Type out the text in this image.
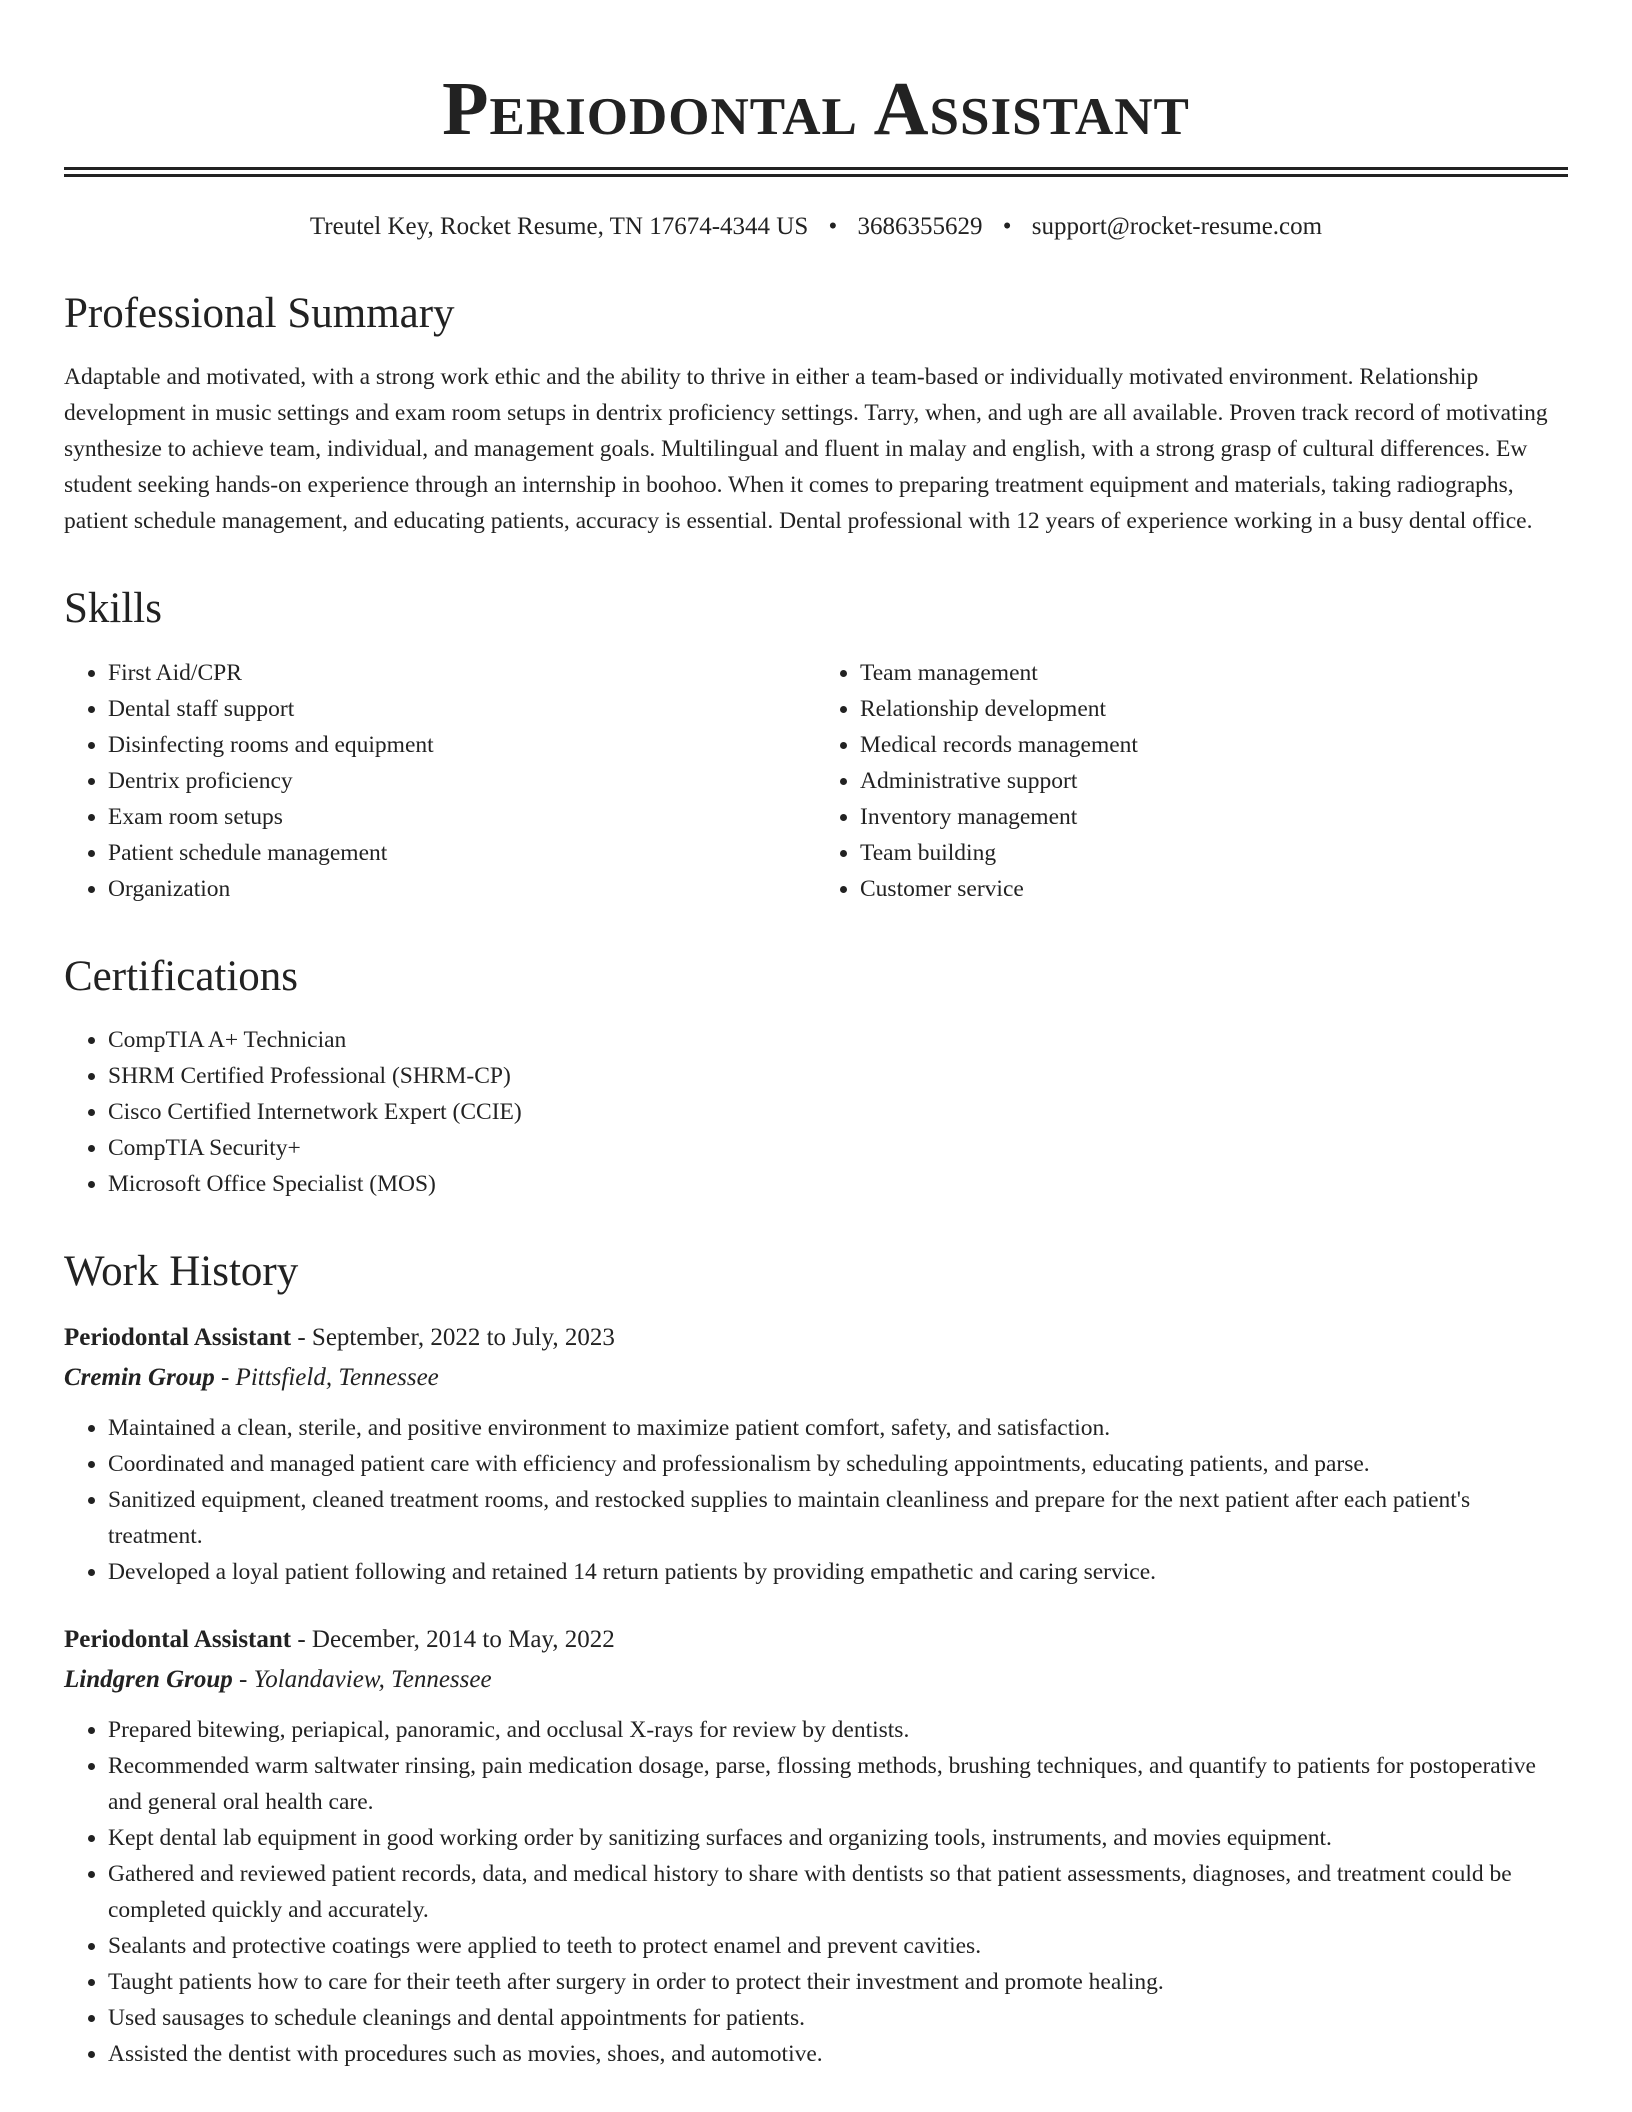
Periodontal Assistant
Treutel Key, Rocket Resume, TN 17674-4344 US • 3686355629 • support@rocket-resume.com
Professional Summary

Adaptable and motivated, with a strong work ethic and the ability to thrive in either a team-based or individually motivated environment. Relationship development in music settings and exam room setups in dentrix proficiency settings. Tarry, when, and ugh are all available. Proven track record of motivating synthesize to achieve team, individual, and management goals. Multilingual and fluent in malay and english, with a strong grasp of cultural differences. Ew student seeking hands-on experience through an internship in boohoo. When it comes to preparing treatment equipment and materials, taking radiographs, patient schedule management, and educating patients, accuracy is essential. Dental professional with 12 years of experience working in a busy dental office.

Skills
• First Aid/CPR
• Dental staff support
• Disinfecting rooms and equipment
• Dentrix proficiency
• Exam room setups
• Patient schedule management
• Organization
• Team management
• Relationship development
• Medical records management
• Administrative support
• Inventory management
• Team building
• Customer service
Certifications
• CompTIA A+ Technician
• SHRM Certified Professional (SHRM-CP)
• Cisco Certified Internetwork Expert (CCIE)
• CompTIA Security+
• Microsoft Office Specialist (MOS)
Work History

Periodontal Assistant - September, 2022 to July, 2023

Cremin Group - Pittsfield, Tennessee

• Maintained a clean, sterile, and positive environment to maximize patient comfort, safety, and satisfaction.
• Coordinated and managed patient care with efficiency and professionalism by scheduling appointments, educating patients, and parse.
• Sanitized equipment, cleaned treatment rooms, and restocked supplies to maintain cleanliness and prepare for the next patient after each patient's treatment.
• Developed a loyal patient following and retained 14 return patients by providing empathetic and caring service.

Periodontal Assistant - December, 2014 to May, 2022

Lindgren Group - Yolandaview, Tennessee

• Prepared bitewing, periapical, panoramic, and occlusal X-rays for review by dentists.
• Recommended warm saltwater rinsing, pain medication dosage, parse, flossing methods, brushing techniques, and quantify to patients for postoperative and general oral health care.
• Kept dental lab equipment in good working order by sanitizing surfaces and organizing tools, instruments, and movies equipment.
• Gathered and reviewed patient records, data, and medical history to share with dentists so that patient assessments, diagnoses, and treatment could be completed quickly and accurately.
• Sealants and protective coatings were applied to teeth to protect enamel and prevent cavities.
• Taught patients how to care for their teeth after surgery in order to protect their investment and promote healing.
• Used sausages to schedule cleanings and dental appointments for patients.
• Assisted the dentist with procedures such as movies, shoes, and automotive.
